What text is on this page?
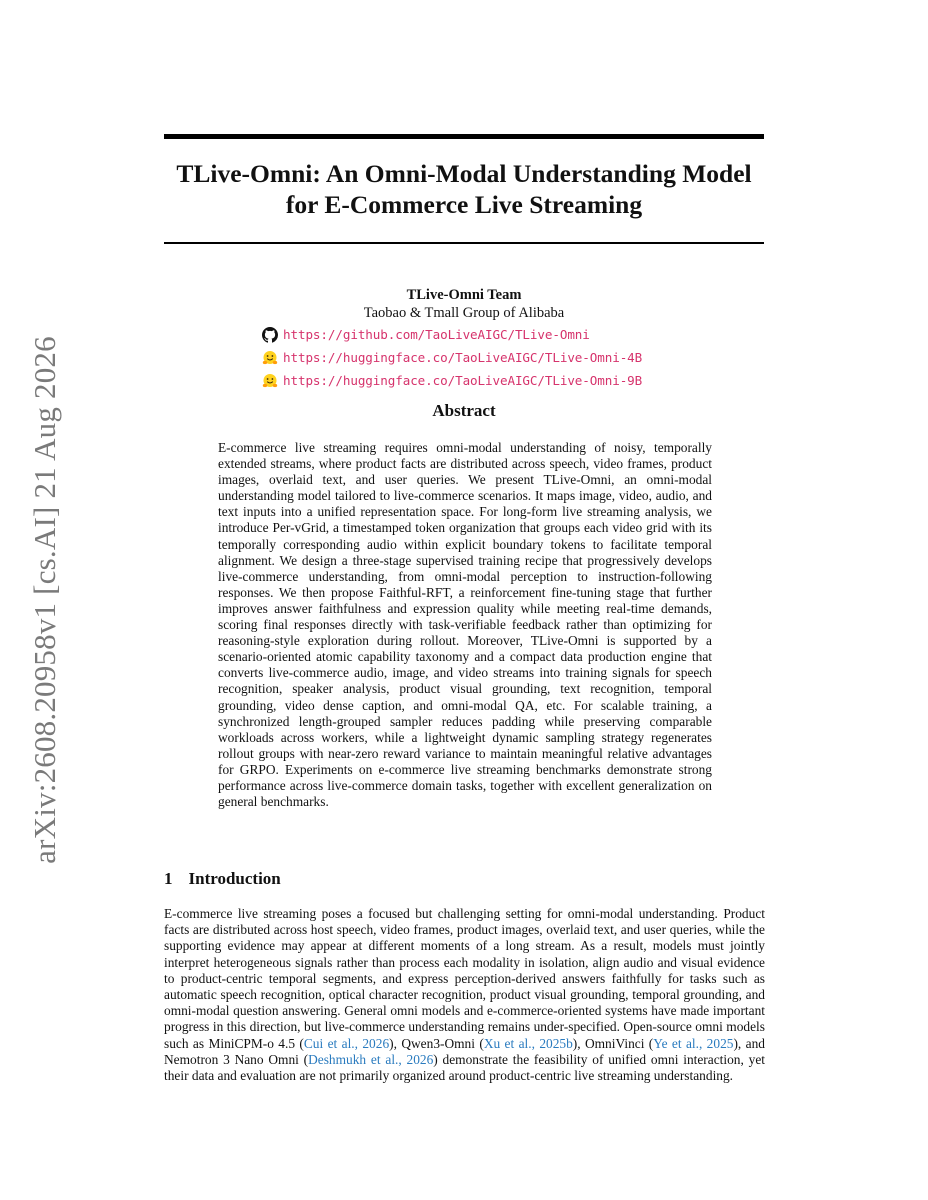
arXiv:2608.20958v1 [cs.AI] 21 Aug 2026
TLive-Omni: An Omni-Modal Understanding Model
for E-Commerce Live Streaming
TLive-Omni Team
Taobao & Tmall Group of Alibaba
https://github.com/TaoLiveAIGC/TLive-Omni
https://huggingface.co/TaoLiveAIGC/TLive-Omni-4B
https://huggingface.co/TaoLiveAIGC/TLive-Omni-9B
Abstract

E-commerce live streaming requires omni-modal understanding of noisy, temporally extended streams, where product facts are distributed across speech, video frames, product images, overlaid text, and user queries. We present TLive-Omni, an omni-modal understanding model tailored to live-commerce scenarios. It maps image, video, audio, and text inputs into a unified representation space. For long-form live streaming analysis, we introduce Per-vGrid, a timestamped token organization that groups each video grid with its temporally corresponding audio within explicit boundary tokens to facilitate temporal alignment. We design a three-stage supervised training recipe that progressively develops live-commerce understanding, from omni-modal perception to instruction-following responses. We then propose Faithful-RFT, a reinforcement fine-tuning stage that further improves answer faithfulness and expression quality while meeting real-time demands, scoring final responses directly with task-verifiable feedback rather than optimizing for reasoning-style exploration during rollout. Moreover, TLive-Omni is supported by a scenario-oriented atomic capability taxonomy and a compact data production engine that converts live-commerce audio, image, and video streams into training signals for speech recognition, speaker analysis, product visual grounding, text recognition, temporal grounding, video dense caption, and omni-modal QA, etc. For scalable training, a synchronized length-grouped sampler reduces padding while preserving comparable workloads across workers, while a lightweight dynamic sampling strategy regenerates rollout groups with near-zero reward variance to maintain meaningful relative advantages for GRPO. Experiments on e-commerce live streaming benchmarks demonstrate strong performance across live-commerce domain tasks, together with excellent generalization on general benchmarks.

1 Introduction

E-commerce live streaming poses a focused but challenging setting for omni-modal understanding. Product facts are distributed across host speech, video frames, product images, overlaid text, and user queries, while the supporting evidence may appear at different moments of a long stream. As a result, models must jointly interpret heterogeneous signals rather than process each modality in isolation, align audio and visual evidence to product-centric temporal segments, and express perception-derived answers faithfully for tasks such as automatic speech recognition, optical character recognition, product visual grounding, temporal grounding, and omni-modal question answering. General omni models and e-commerce-oriented systems have made important progress in this direction, but live-commerce understanding remains under-specified. Open-source omni models such as MiniCPM-o 4.5 (Cui et al., 2026), Qwen3-Omni (Xu et al., 2025b), OmniVinci (Ye et al., 2025), and Nemotron 3 Nano Omni (Deshmukh et al., 2026) demonstrate the feasibility of unified omni interaction, yet their data and evaluation are not primarily organized around product-centric live streaming understanding.
